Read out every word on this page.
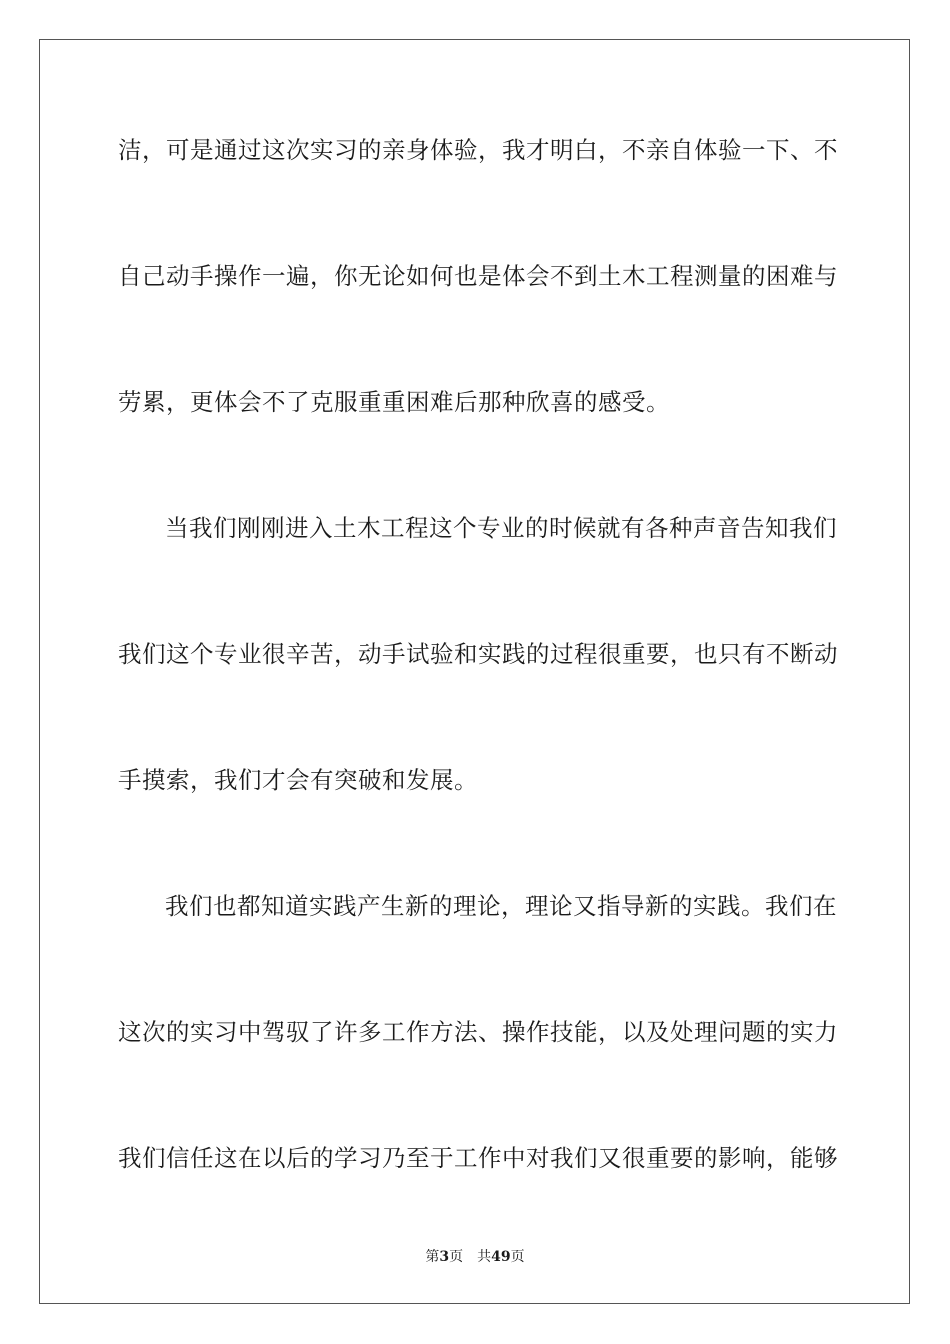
洁，可是通过这次实习的亲身体验，我才明白，不亲自体验一下、不
自己动手操作一遍，你无论如何也是体会不到土木工程测量的困难与
劳累，更体会不了克服重重困难后那种欣喜的感受。
当我们刚刚进入土木工程这个专业的时候就有各种声音告知我们
我们这个专业很辛苦，动手试验和实践的过程很重要，也只有不断动
手摸索，我们才会有突破和发展。
我们也都知道实践产生新的理论，理论又指导新的实践。我们在
这次的实习中驾驭了许多工作方法、操作技能，以及处理问题的实力
我们信任这在以后的学习乃至于工作中对我们又很重要的影响，能够
第3页 共49页
